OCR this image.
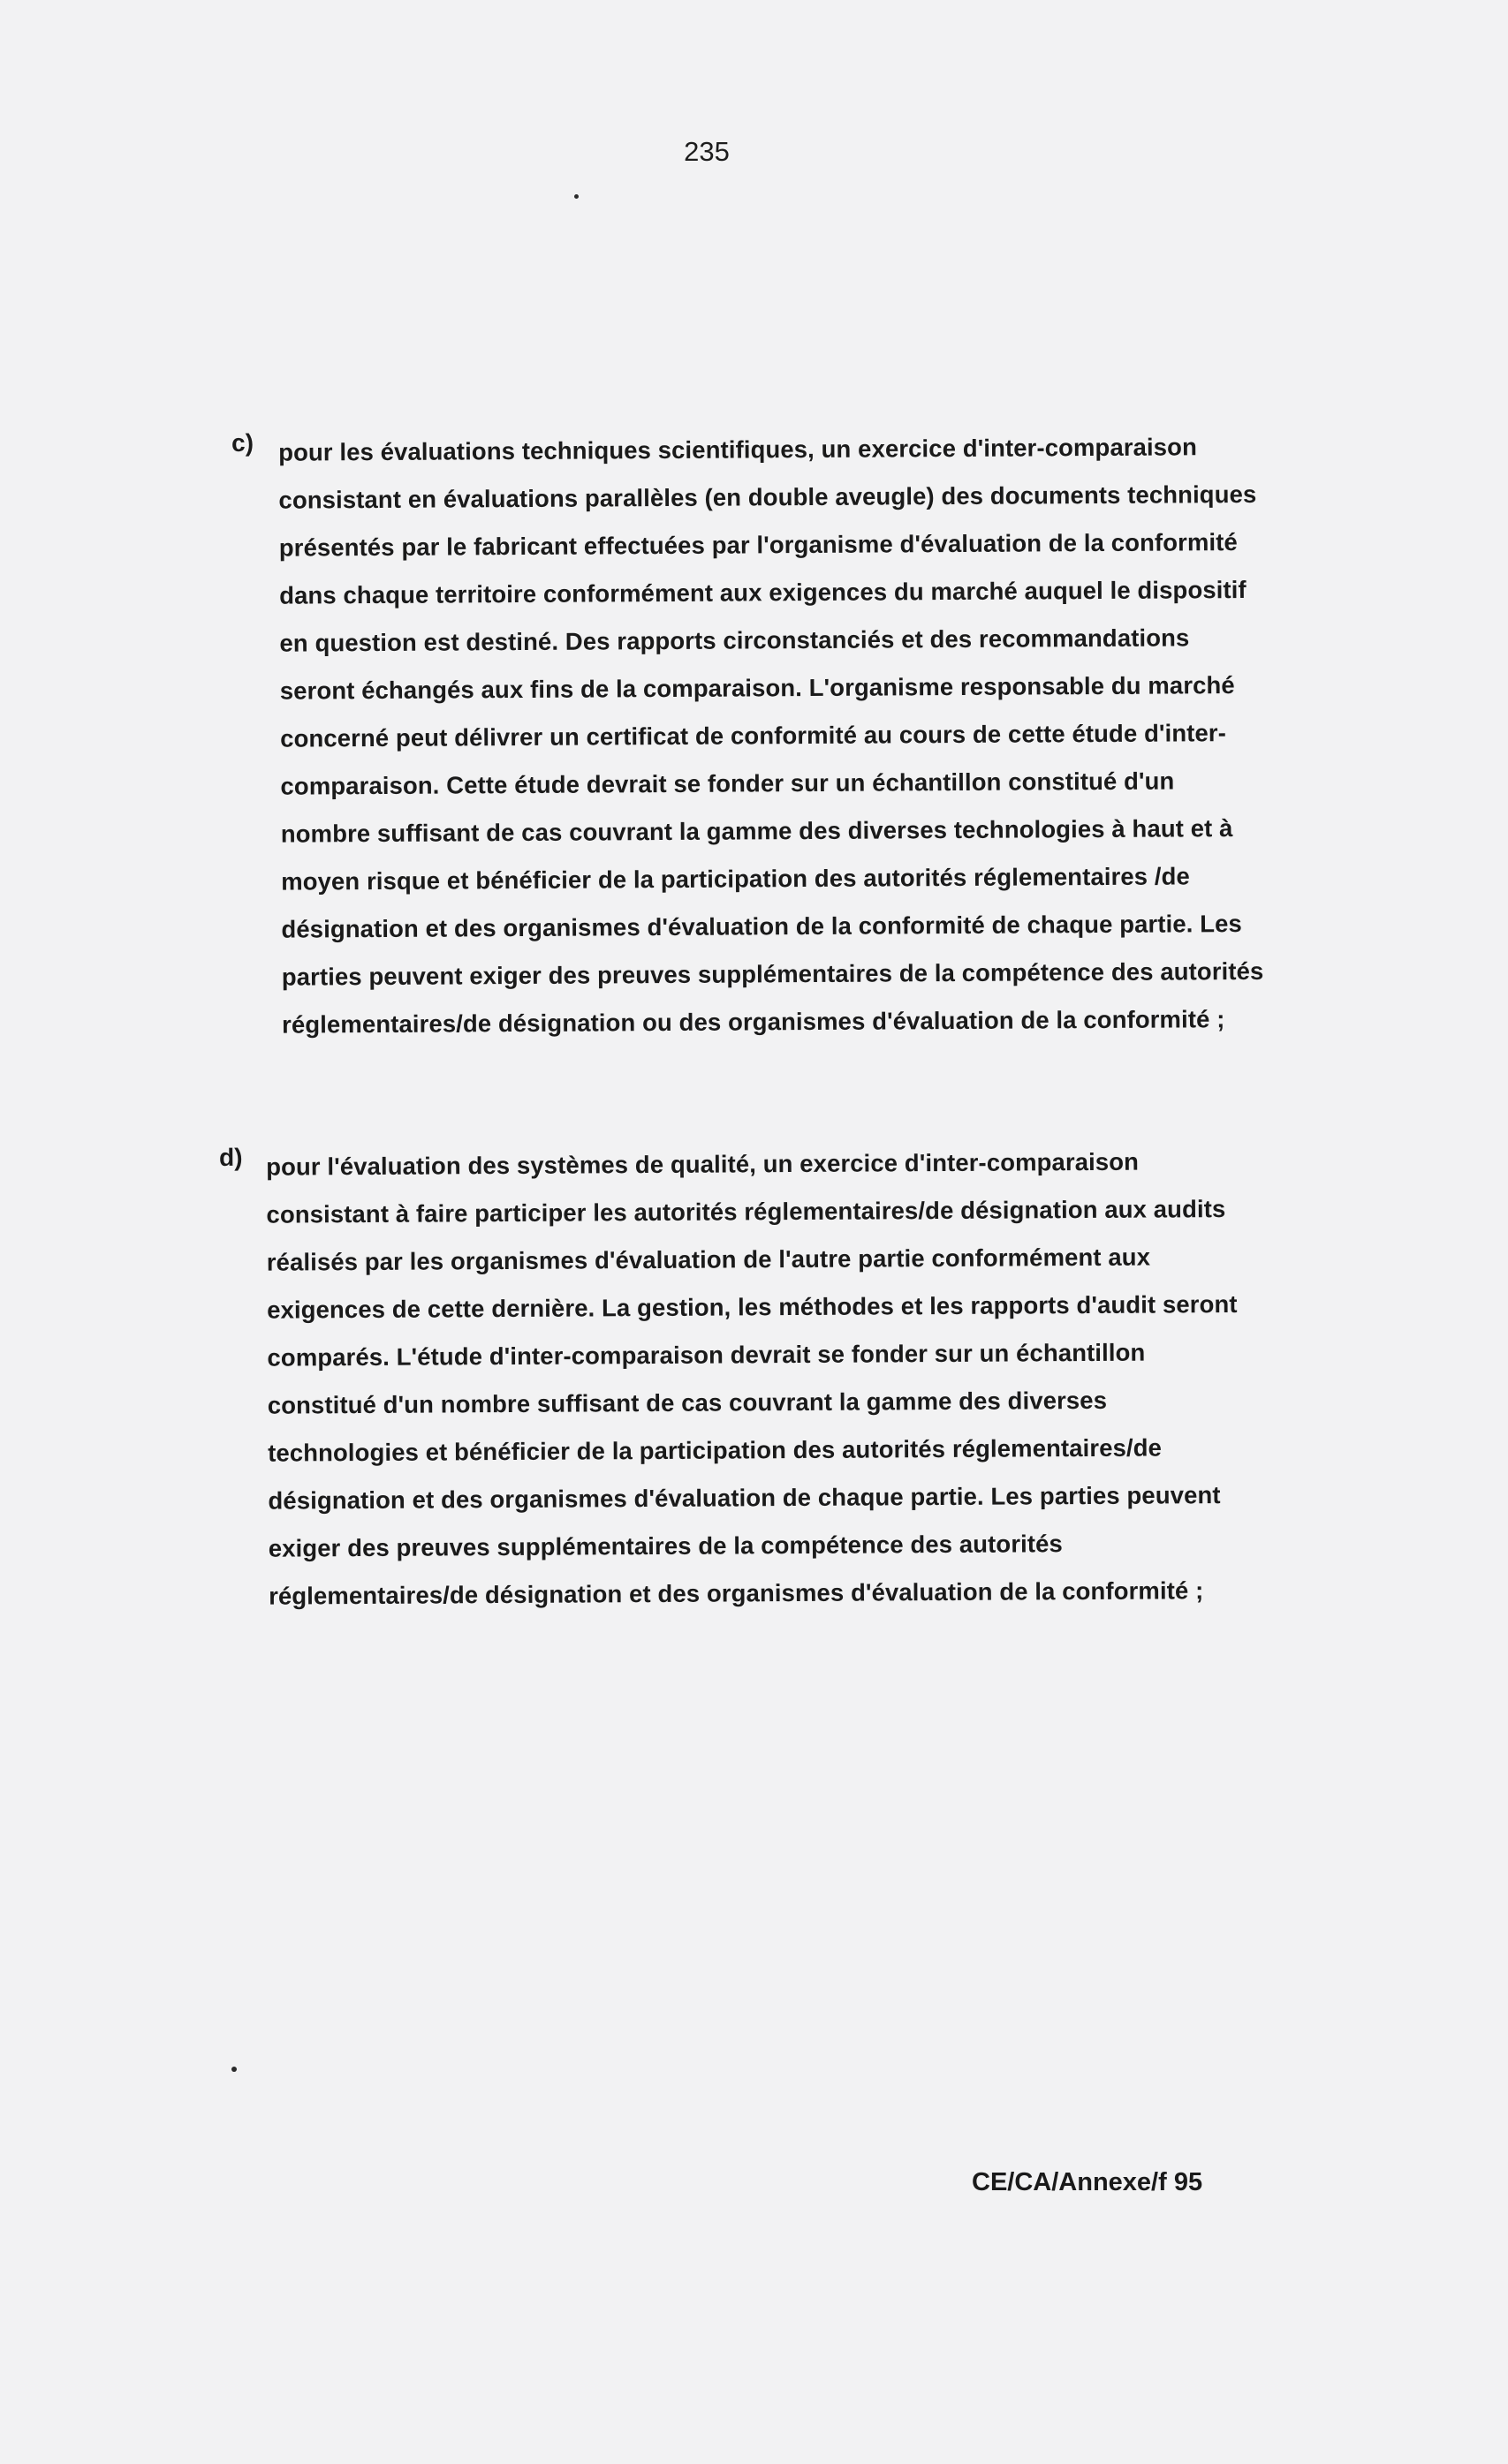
235
c) pour les évaluations techniques scientifiques, un exercice d'inter-comparaison consistant en évaluations parallèles (en double aveugle) des documents techniques présentés par le fabricant effectuées par l'organisme d'évaluation de la conformité dans chaque territoire conformément aux exigences du marché auquel le dispositif en question est destiné. Des rapports circonstanciés et des recommandations seront échangés aux fins de la comparaison. L'organisme responsable du marché concerné peut délivrer un certificat de conformité au cours de cette étude d'inter-comparaison. Cette étude devrait se fonder sur un échantillon constitué d'un nombre suffisant de cas couvrant la gamme des diverses technologies à haut et à moyen risque et bénéficier de la participation des autorités réglementaires /de désignation et des organismes d'évaluation de la conformité de chaque partie. Les parties peuvent exiger des preuves supplémentaires de la compétence des autorités réglementaires/de désignation ou des organismes d'évaluation de la conformité ;
d) pour l'évaluation des systèmes de qualité, un exercice d'inter-comparaison consistant à faire participer les autorités réglementaires/de désignation aux audits réalisés par les organismes d'évaluation de l'autre partie conformément aux exigences de cette dernière. La gestion, les méthodes et les rapports d'audit seront comparés. L'étude d'inter-comparaison devrait se fonder sur un échantillon constitué d'un nombre suffisant de cas couvrant la gamme des diverses technologies et bénéficier de la participation des autorités réglementaires/de désignation et des organismes d'évaluation de chaque partie. Les parties peuvent exiger des preuves supplémentaires de la compétence des autorités réglementaires/de désignation et des organismes d'évaluation de la conformité ;
CE/CA/Annexe/f 95
